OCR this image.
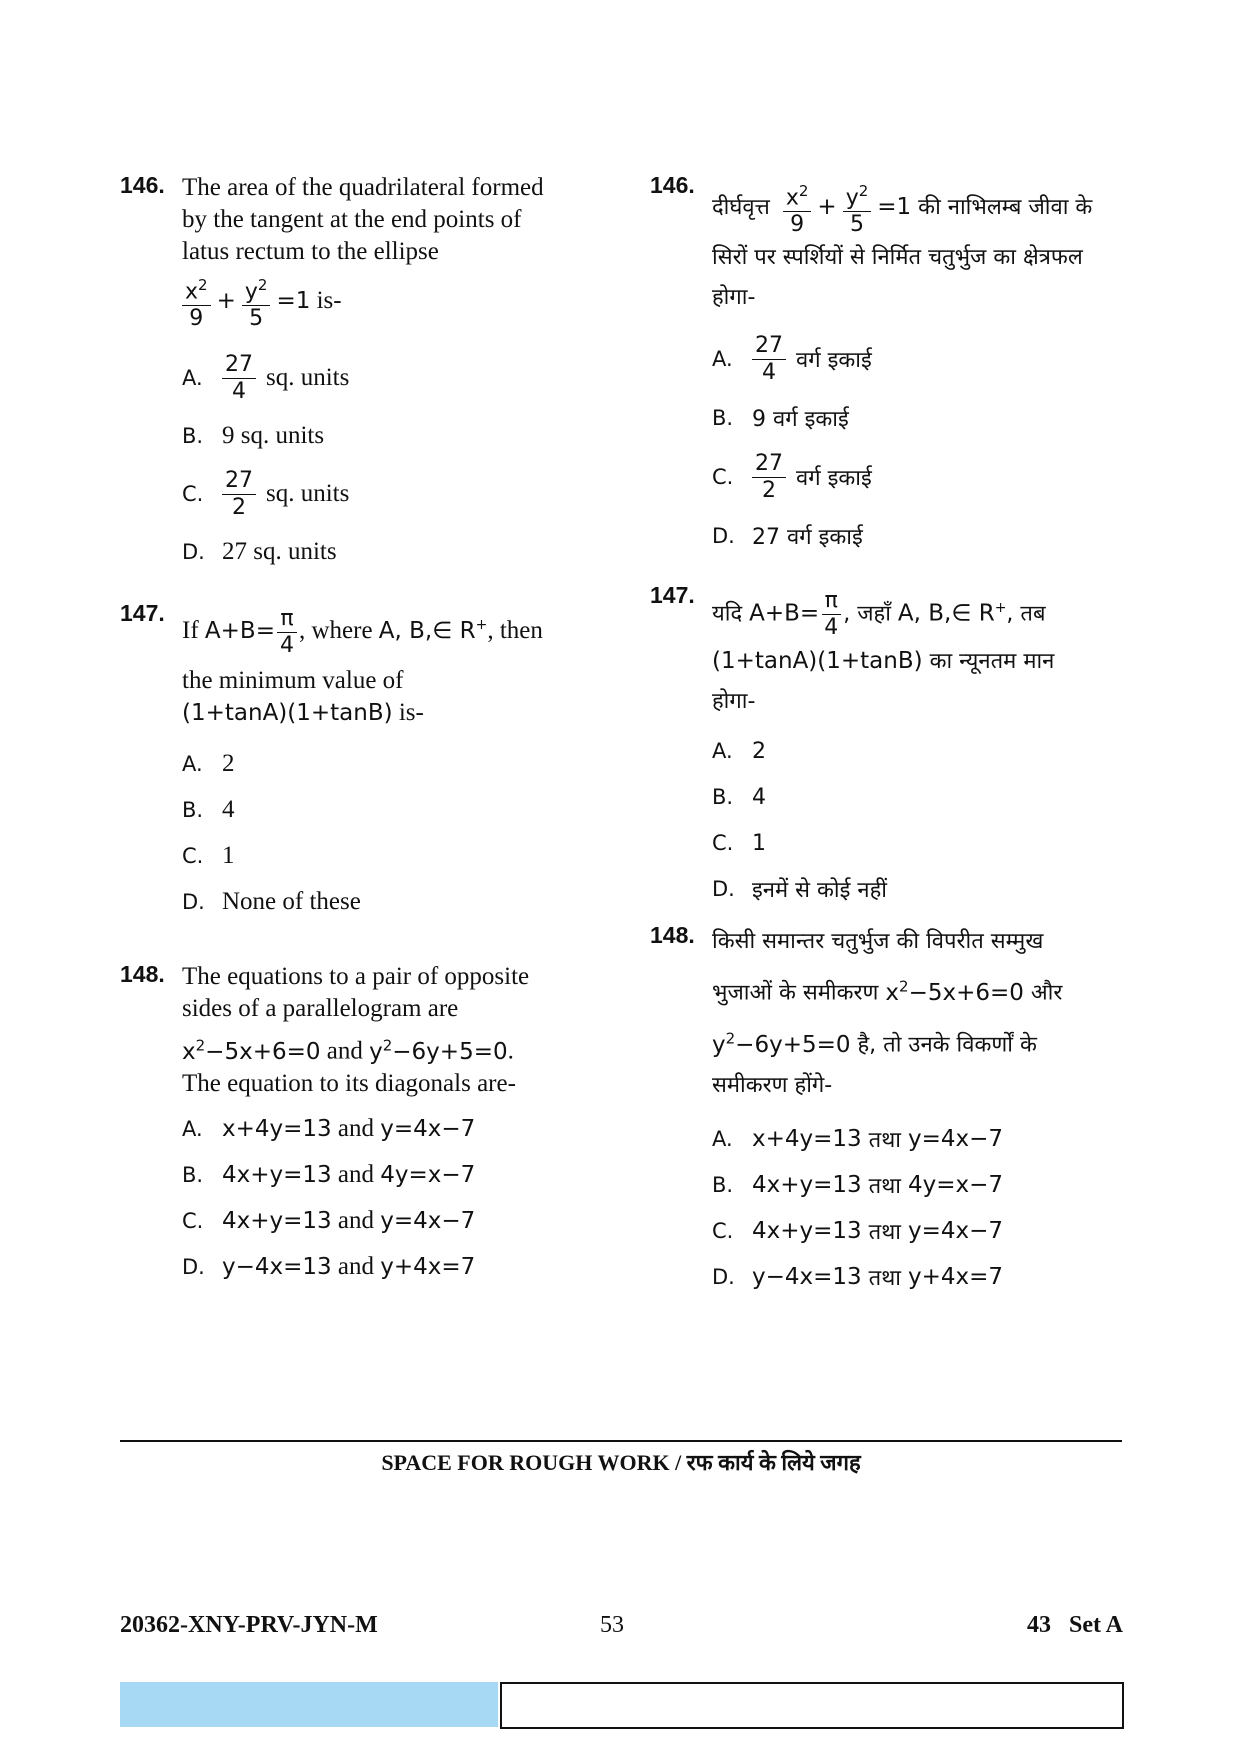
146. The area of the quadrilateral formed
by the tangent at the end points of
latus rectum to the ellipse
$\frac{x^2}{9} + \frac{y^2}{5} =1$ is-
A. $\frac{27}{4}$ sq. units
B. 9 sq. units
C. $\frac{27}{2}$ sq. units
D. 27 sq. units
147.
If $A+B= \frac{\pi}{4}$ , where A, B,∈ R+, then
the minimum value of
(1+tanA)(1+tanB) is-
A. 2
B. 4
C. 1
D. None of these
148. The equations to a pair of opposite
sides of a parallelogram are
$x^2-5x+6=0$ and $y^2-6y+5=0$.
The equation to its diagonals are-
A. x+4y=13
and
y=4x−7
B. 4x+y=13
and
4y=x−7
C. 4x+y=13
and
y=4x−7
D. y−4x=13
and
y+4x=7
146.
दीर्घवृत्त $\frac{x^2}{9} + \frac{y^2}{5} =1$ की नाभिलम्ब जीवा के
सिरों पर स्पर्शियों से निर्मित चतुर्भुज का क्षेत्रफल
होगा-
A. $\frac{27}{4}$ वर्ग इकाई
B. 9 वर्ग इकाई
C. $\frac{27}{2}$ वर्ग इकाई
D. 27 वर्ग इकाई
147.
यदि $A+B= \frac{\pi}{4}$ , जहाँ A, B,∈ R+, तब
(1+tanA)(1+tanB) का न्यूनतम मान
होगा-
A. 2
B. 4
C. 1
D. इनमें से कोई नहीं
148. किसी समान्तर चतुर्भुज की विपरीत सम्मुख
भुजाओं के समीकरण $x^2-5x+6=0$ और
$y^2-6y+5=0$ है, तो उनके विकर्णों के
समीकरण होंगे-
A. x+4y=13
तथा
y=4x−7
B. 4x+y=13
तथा
4y=x−7
C. 4x+y=13
तथा
y=4x−7
D. y−4x=13
तथा
y+4x=7
SPACE FOR ROUGH WORK / रफ कार्य के लिये जगह
20362-XNY-PRV-JYN-M	53	43   Set A
